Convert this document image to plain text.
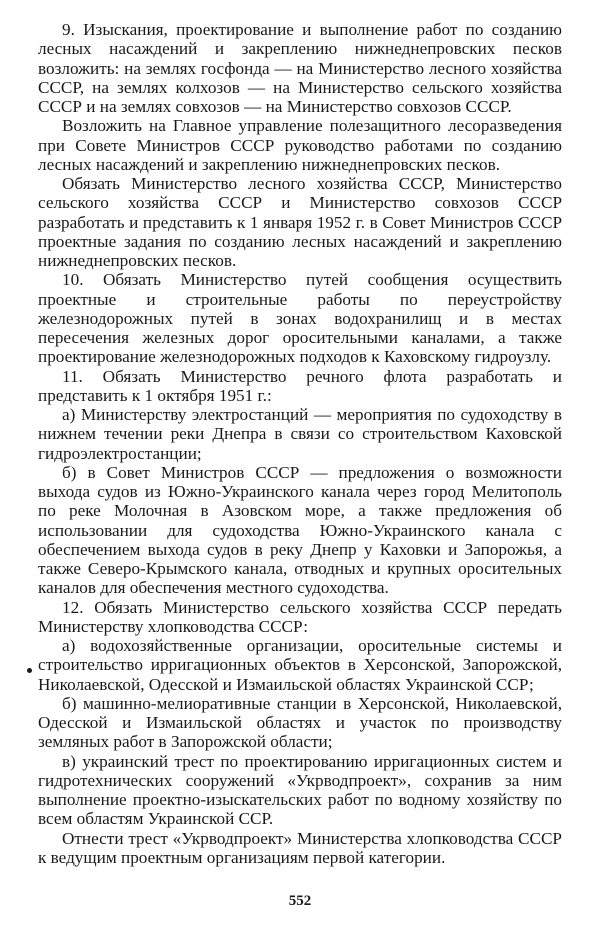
9. Изыскания, проектирование и выполнение работ по созданию лесных насаждений и закреплению нижнеднепровских песков возложить: на землях госфонда — на Министерство лесного хозяйства СССР, на землях колхозов — на Министерство сельского хозяйства СССР и на землях совхозов — на Министерство совхозов СССР.

Возложить на Главное управление полезащитного лесоразведения при Совете Министров СССР руководство работами по созданию лесных насаждений и закреплению нижнеднепровских песков.

Обязать Министерство лесного хозяйства СССР, Министерство сельского хозяйства СССР и Министерство совхозов СССР разработать и представить к 1 января 1952 г. в Совет Министров СССР проектные задания по созданию лесных насаждений и закреплению нижнеднепровских песков.

10. Обязать Министерство путей сообщения осуществить проектные и строительные работы по переустройству железнодорожных путей в зонах водохранилищ и в местах пересечения железных дорог оросительными каналами, а также проектирование железнодорожных подходов к Каховскому гидроузлу.

11. Обязать Министерство речного флота разработать и представить к 1 октября 1951 г.:

а) Министерству электростанций — мероприятия по судоходству в нижнем течении реки Днепра в связи со строительством Каховской гидроэлектростанции;

б) в Совет Министров СССР — предложения о возможности выхода судов из Южно-Украинского канала через город Мелитополь по реке Молочная в Азовском море, а также предложения об использовании для судоходства Южно-Украинского канала с обеспечением выхода судов в реку Днепр у Каховки и Запорожья, а также Северо-Крымского канала, отводных и крупных оросительных каналов для обеспечения местного судоходства.

12. Обязать Министерство сельского хозяйства СССР передать Министерству хлопководства СССР:

а) водохозяйственные организации, оросительные системы и строительство ирригационных объектов в Херсонской, Запорожской, Николаевской, Одесской и Измаильской областях Украинской ССР;

б) машинно-мелиоративные станции в Херсонской, Николаевской, Одесской и Измаильской областях и участок по производству земляных работ в Запорожской области;

в) украинский трест по проектированию ирригационных систем и гидротехнических сооружений «Укрводпроект», сохранив за ним выполнение проектно-изыскательских работ по водному хозяйству по всем областям Украинской ССР.

Отнести трест «Укрводпроект» Министерства хлопководства СССР к ведущим проектным организациям первой категории.

552
